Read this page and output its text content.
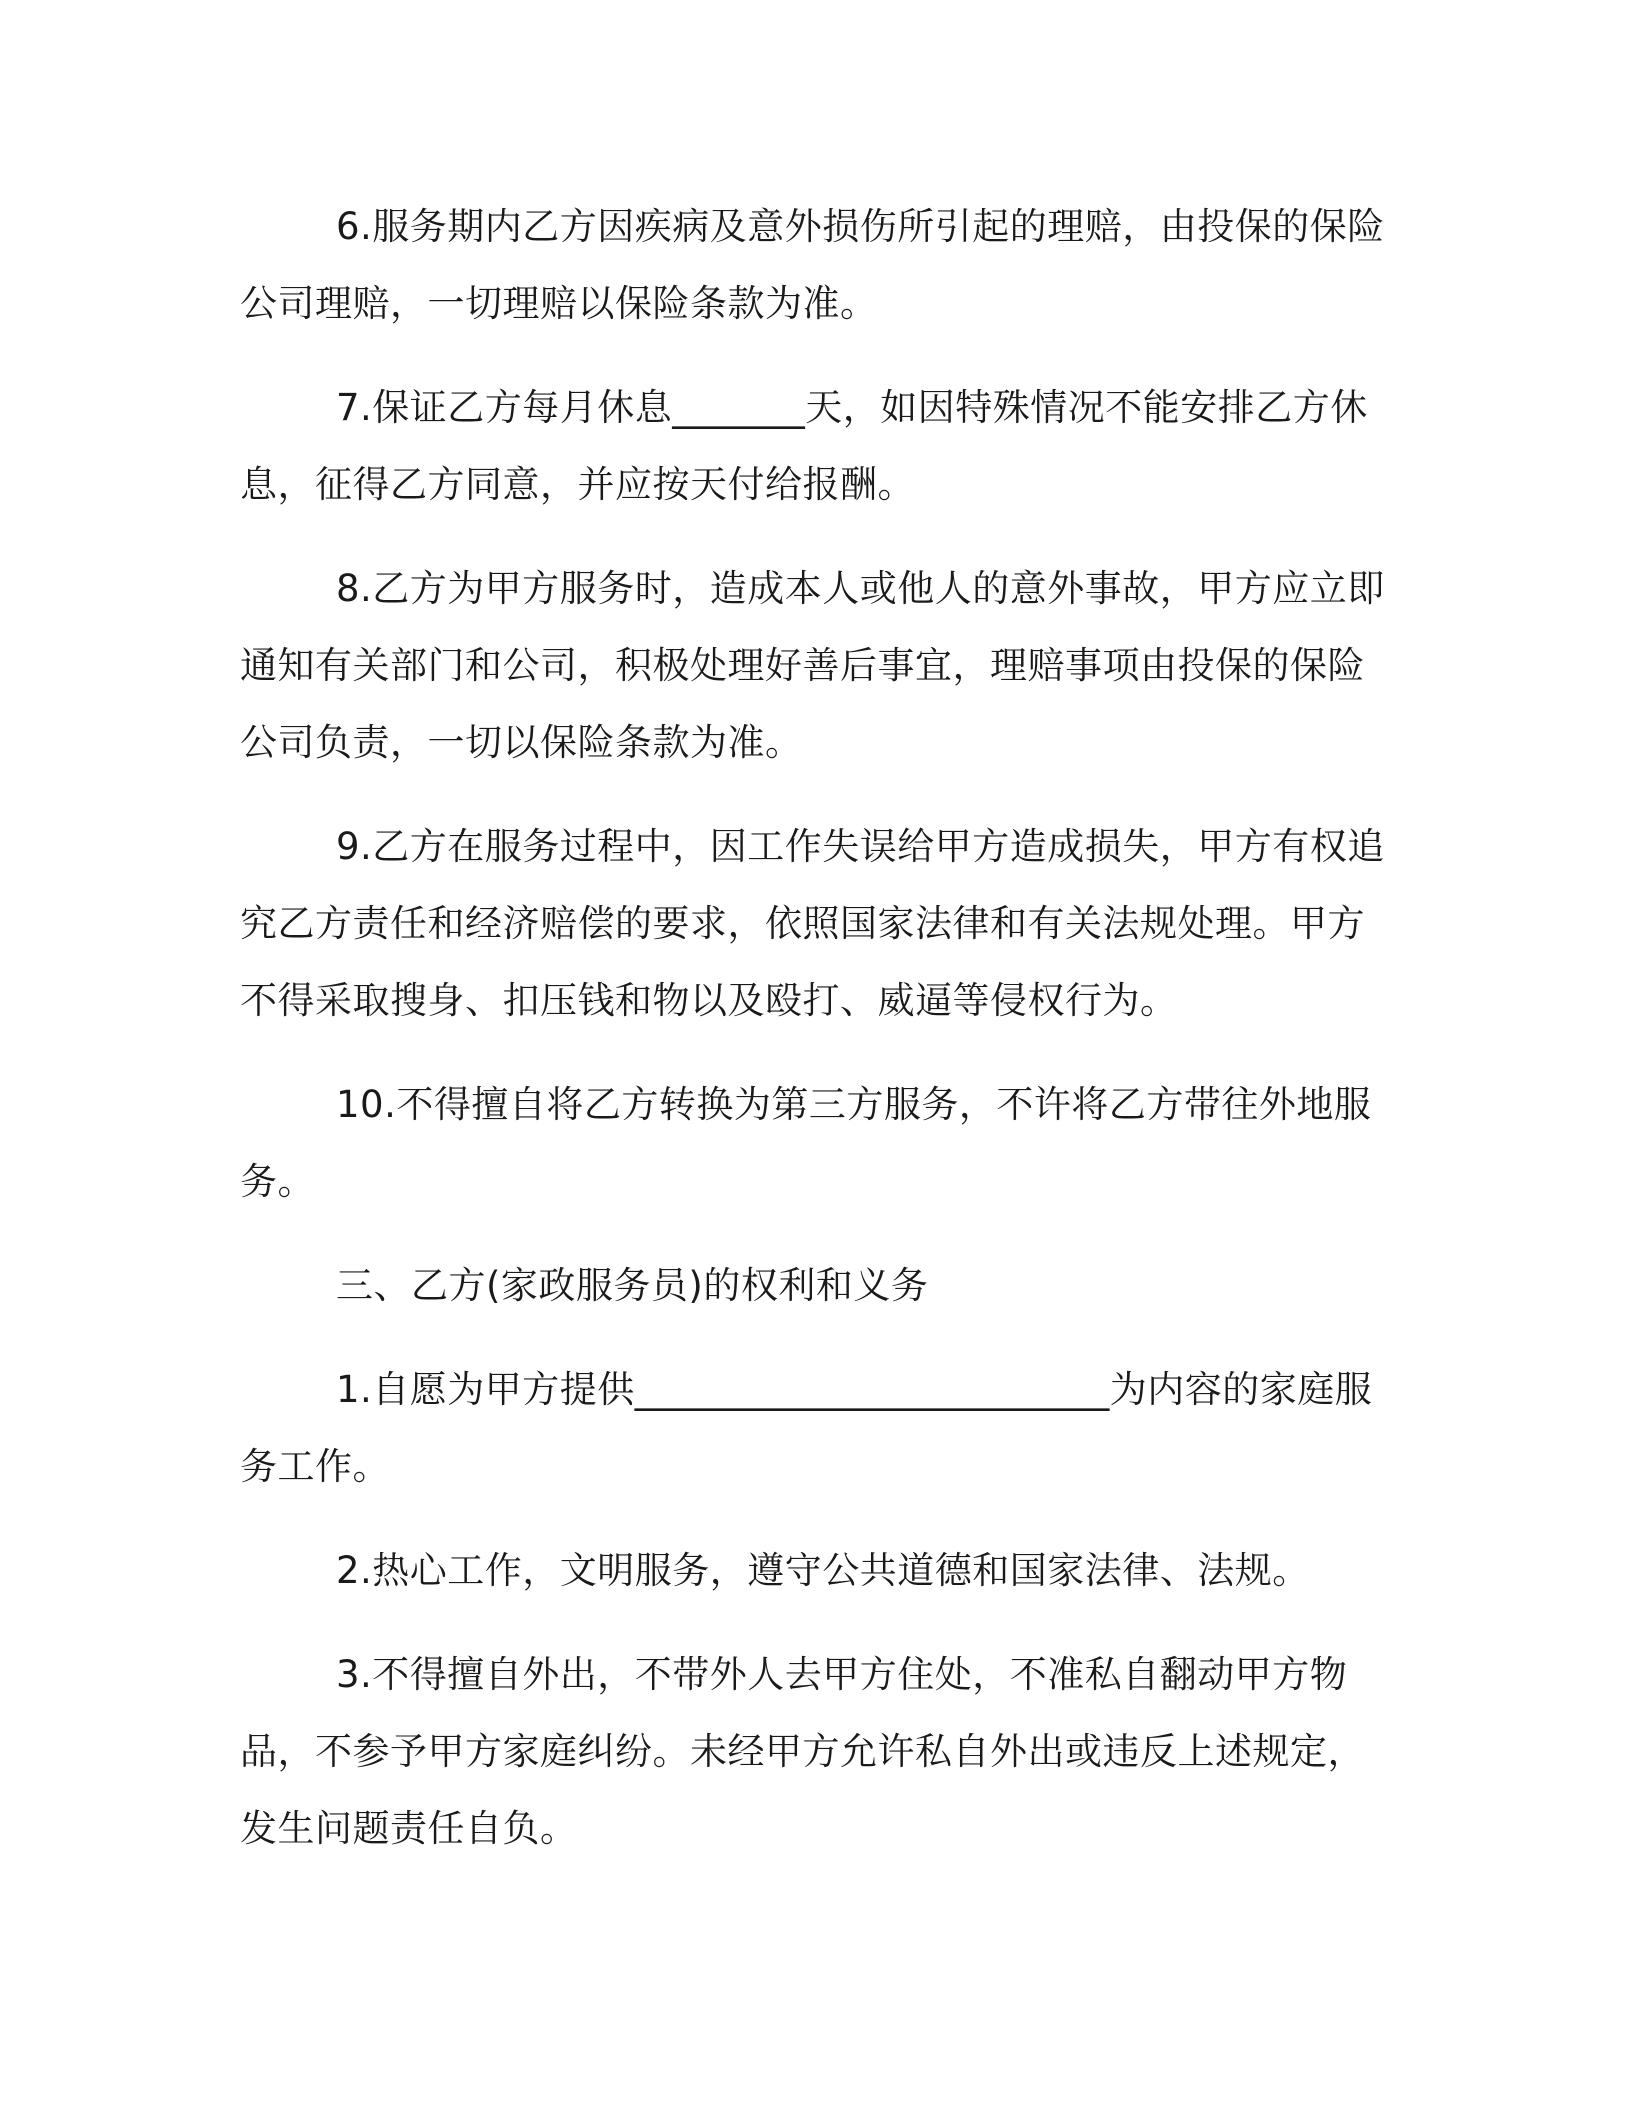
6.服务期内乙方因疾病及意外损伤所引起的理赔，由投保的保险公司理赔，一切理赔以保险条款为准。

7.保证乙方每月休息_______天，如因特殊情况不能安排乙方休息，征得乙方同意，并应按天付给报酬。

8.乙方为甲方服务时，造成本人或他人的意外事故，甲方应立即通知有关部门和公司，积极处理好善后事宜，理赔事项由投保的保险公司负责，一切以保险条款为准。

9.乙方在服务过程中，因工作失误给甲方造成损失，甲方有权追究乙方责任和经济赔偿的要求，依照国家法律和有关法规处理。甲方不得采取搜身、扣压钱和物以及殴打、威逼等侵权行为。

10.不得擅自将乙方转换为第三方服务，不许将乙方带往外地服务。

三、乙方(家政服务员)的权利和义务

1.自愿为甲方提供_________________________为内容的家庭服务工作。

2.热心工作，文明服务，遵守公共道德和国家法律、法规。

3.不得擅自外出，不带外人去甲方住处，不准私自翻动甲方物品，不参予甲方家庭纠纷。未经甲方允许私自外出或违反上述规定，发生问题责任自负。
